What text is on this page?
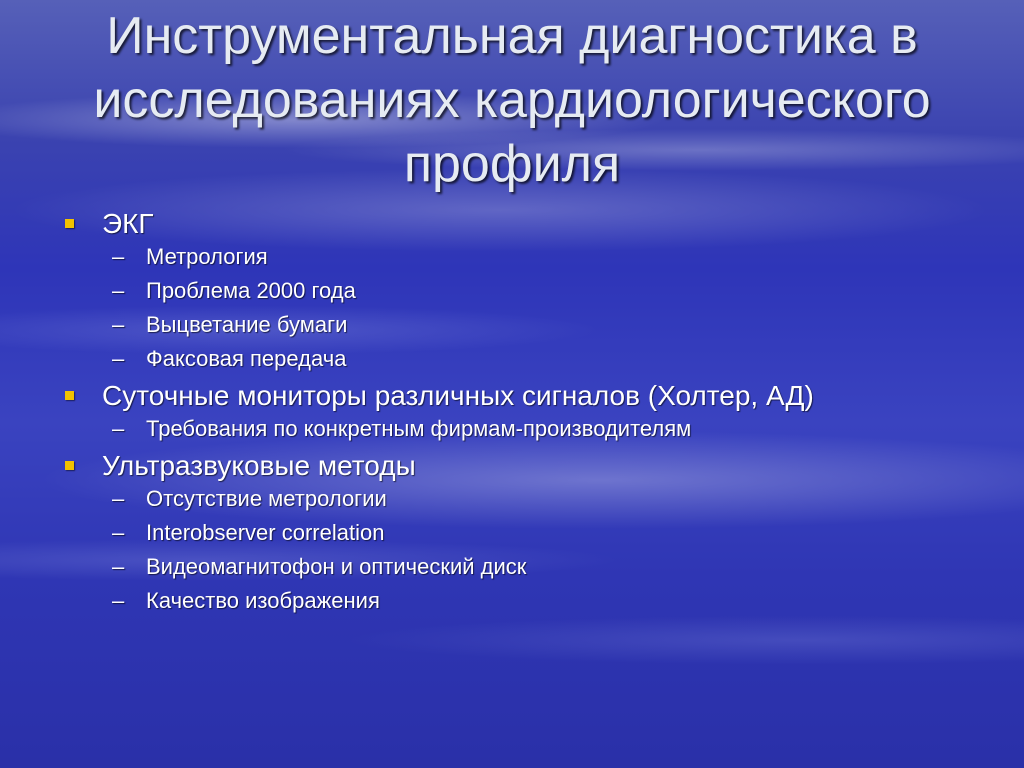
Инструментальная диагностика в исследованиях кардиологического профиля
ЭКГ
– Метрология
– Проблема 2000 года
– Выцветание бумаги
– Факсовая передача
Суточные мониторы различных сигналов (Холтер, АД)
– Требования по конкретным фирмам-производителям
Ультразвуковые методы
– Отсутствие метрологии
– Interobserver correlation
– Видеомагнитофон и оптический диск
– Качество изображения
